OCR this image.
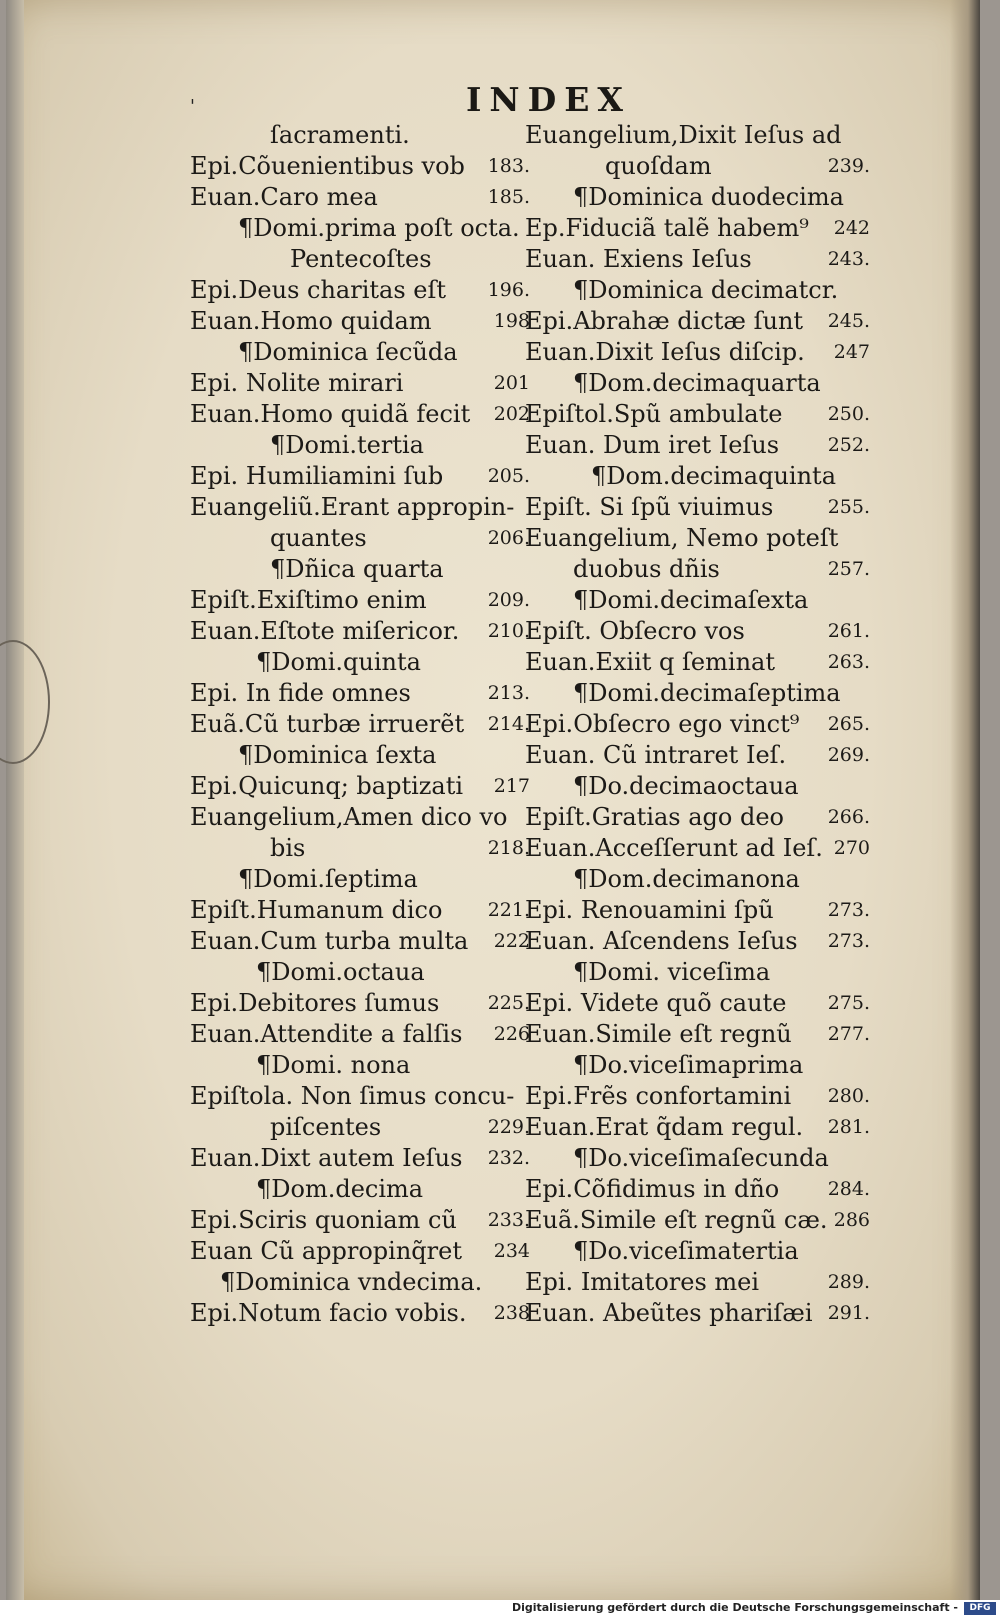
'	INDEX
ſacramenti.
Epi.Cõuenientibus vob 183.
Euan.Caro mea	185.
¶Domi.prima poſt octa.
Pentecoſtes
Epi.Deus charitas eſt 196.
Euan.Homo quidam	198
¶Dominica ſecũda
Epi. Nolite mirari	201
Euan.Homo quidã fecit 202
¶Domi.tertia
Epi. Humiliamini ſub 205.
Euangeliũ.Erant appropin-
quantes	206.
¶Dñica quarta
Epiſt.Exiſtimo enim	209.
Euan.Eſtote miſericor. 210.
¶Domi.quinta
Epi. In fide omnes	213.
Euã.Cũ turbæ irruerẽt 214.
¶Dominica ſexta
Epi.Quicunq; baptizati 217
Euangelium,Amen dico vo
bis	218.
¶Domi.ſeptima
Epiſt.Humanum dico 221.
Euan.Cum turba multa 222
¶Domi.octaua
Epi.Debitores ſumus	225.
Euan.Attendite a falſis 226
¶Domi. nona
Epiſtola. Non ſimus concu-
piſcentes	229.
Euan.Dixt autem Ieſus 232.
¶Dom.decima
Epi.Sciris quoniam cũ 233.
Euan Cũ appropinq̃ret 234
¶Dominica vndecima.
Epi.Notum facio vobis. 238
Euangelium,Dixit Ieſus ad
quoſdam	239.
¶Dominica duodecima
Ep.Fiduciã talẽ habem⁹ 242
Euan. Exiens Ieſus	243.
¶Dominica decimatcr.
Epi.Abrahæ dictæ ſunt 245.
Euan.Dixit Ieſus diſcip. 247
¶Dom.decimaquarta
Epiſtol.Spũ ambulate 250.
Euan. Dum iret Ieſus	252.
¶Dom.decimaquinta
Epiſt. Si ſpũ viuimus	255.
Euangelium, Nemo poteſt
duobus dñis	257.
¶Domi.decimaſexta
Epiſt. Obſecro vos	261.
Euan.Exiit q ſeminat	263.
¶Domi.decimaſeptima
Epi.Obſecro ego vinct⁹ 265.
Euan. Cũ intraret Ieſ. 269.
¶Do.decimaoctaua
Epiſt.Gratias ago deo 266.
Euan.Acceſſerunt ad Ieſ. 270
¶Dom.decimanona
Epi. Renouamini ſpũ	273.
Euan. Aſcendens Ieſus 273.
¶Domi. viceſima
Epi. Videte quõ caute 275.
Euan.Simile eſt regnũ 277.
¶Do.viceſimaprima
Epi.Frẽs confortamini 280.
Euan.Erat q̃dam regul. 281.
¶Do.viceſimaſecunda
Epi.Cõfidimus in dño	284.
Euã.Simile eſt regnũ cæ. 286
¶Do.viceſimatertia
Epi. Imitatores mei	289.
Euan. Abeũtes phariſæi 291.
Digitalisierung gefördert durch die Deutsche Forschungsgemeinschaft -	DFG
